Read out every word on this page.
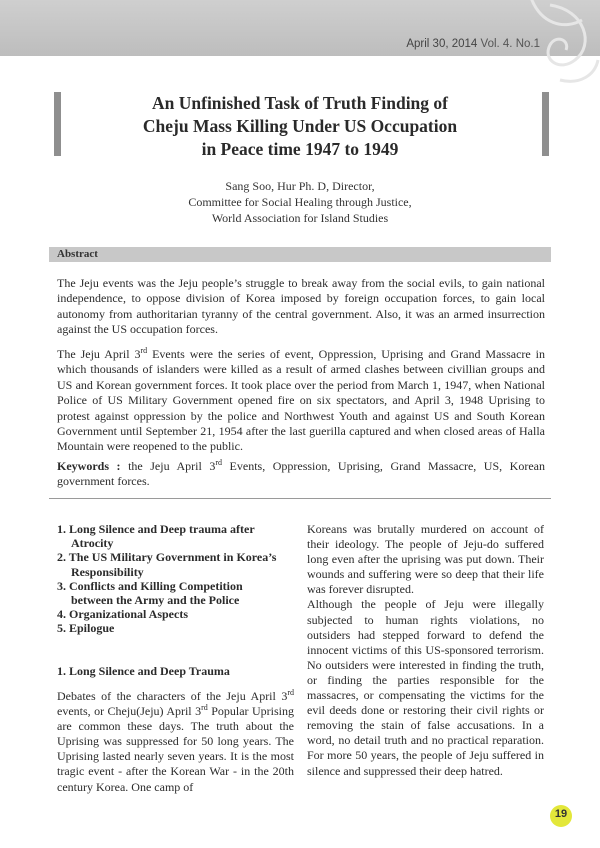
April 30, 2014 Vol. 4. No.1
An Unfinished Task of Truth Finding of
Cheju Mass Killing Under US Occupation
in Peace time 1947 to 1949
Sang Soo, Hur Ph. D, Director,
Committee for Social Healing through Justice,
World Association for Island Studies
Abstract
The Jeju events was the Jeju people’s struggle to break away from the social evils, to gain national independence, to oppose division of Korea imposed by foreign occupation forces, to gain local autonomy from authoritarian tyranny of the central government. Also, it was an armed insurrection against the US occupation forces.
The Jeju April 3rd Events were the series of event, Oppression, Uprising and Grand Massacre in which thousands of islanders were killed as a result of armed clashes between civillian groups and US and Korean government forces. It took place over the period from March 1, 1947, when National Police of US Military Government opened fire on six spectators, and April 3, 1948 Uprising to protest against oppression by the police and Northwest Youth and against US and South Korean Government until September 21, 1954 after the last guerilla captured and when closed areas of Halla Mountain were reopened to the public.
Keywords : the Jeju April 3rd Events, Oppression, Uprising, Grand Massacre, US, Korean government forces.
1. Long Silence and Deep trauma after
Atrocity
2. The US Military Government in Korea’s
Responsibility
3. Conflicts and Killing Competition
between the Army and the Police
4. Organizational Aspects
5. Epilogue
1. Long Silence and Deep Trauma
Debates of the characters of the Jeju April 3rd events, or Cheju(Jeju) April 3rd Popular Uprising are common these days. The truth about the Uprising was suppressed for 50 long years. The Uprising lasted nearly seven years. It is the most tragic event - after the Korean War - in the 20th century Korea. One camp of

Koreans was brutally murdered on account of their ideology. The people of Jeju-do suffered long even after the uprising was put down. Their wounds and suffering were so deep that their life was forever disrupted.

Although the people of Jeju were illegally subjected to human rights violations, no outsiders had stepped forward to defend the innocent victims of this US-sponsored terrorism. No outsiders were interested in finding the truth, or finding the parties responsible for the massacres, or compensating the victims for the evil deeds done or restoring their civil rights or removing the stain of false accusations. In a word, no detail truth and no practical reparation. For more 50 years, the people of Jeju suffered in silence and suppressed their deep hatred.

19
